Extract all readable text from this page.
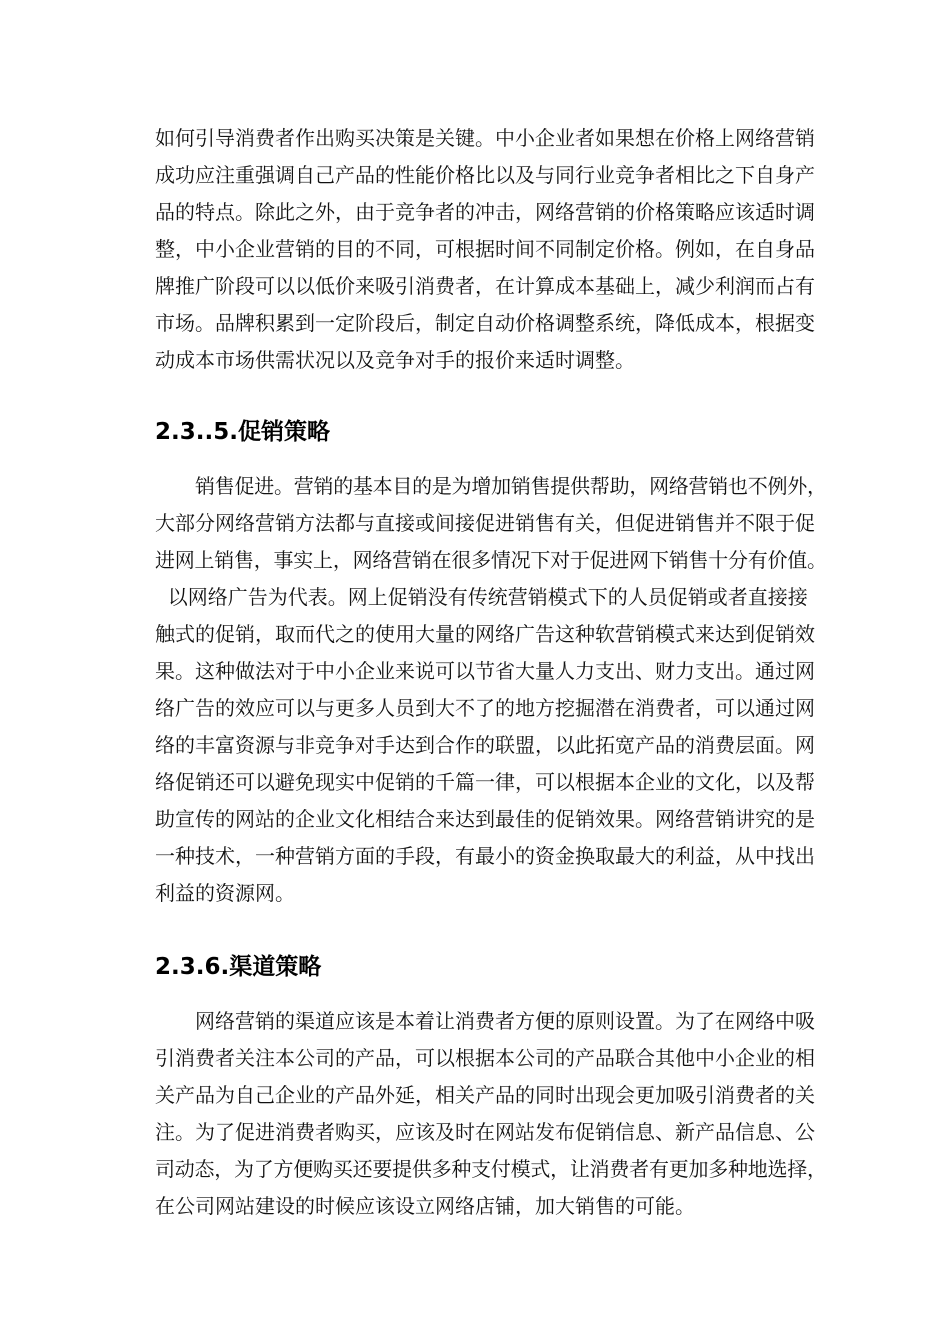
如何引导消费者作出购买决策是关键。中小企业者如果想在价格上网络营销
成功应注重强调自己产品的性能价格比以及与同行业竞争者相比之下自身产
品的特点。除此之外，由于竞争者的冲击，网络营销的价格策略应该适时调
整，中小企业营销的目的不同，可根据时间不同制定价格。例如，在自身品
牌推广阶段可以以低价来吸引消费者，在计算成本基础上，减少利润而占有
市场。品牌积累到一定阶段后，制定自动价格调整系统，降低成本，根据变
动成本市场供需状况以及竞争对手的报价来适时调整。
2.3..5.促销策略
销售促进。营销的基本目的是为增加销售提供帮助，网络营销也不例外，
大部分网络营销方法都与直接或间接促进销售有关，但促进销售并不限于促
进网上销售，事实上，网络营销在很多情况下对于促进网下销售十分有价值。
以网络广告为代表。网上促销没有传统营销模式下的人员促销或者直接接
触式的促销，取而代之的使用大量的网络广告这种软营销模式来达到促销效
果。这种做法对于中小企业来说可以节省大量人力支出、财力支出。通过网
络广告的效应可以与更多人员到大不了的地方挖掘潜在消费者，可以通过网
络的丰富资源与非竞争对手达到合作的联盟，以此拓宽产品的消费层面。网
络促销还可以避免现实中促销的千篇一律，可以根据本企业的文化，以及帮
助宣传的网站的企业文化相结合来达到最佳的促销效果。网络营销讲究的是
一种技术，一种营销方面的手段，有最小的资金换取最大的利益，从中找出
利益的资源网。
2.3.6.渠道策略
网络营销的渠道应该是本着让消费者方便的原则设置。为了在网络中吸
引消费者关注本公司的产品，可以根据本公司的产品联合其他中小企业的相
关产品为自己企业的产品外延，相关产品的同时出现会更加吸引消费者的关
注。为了促进消费者购买，应该及时在网站发布促销信息、新产品信息、公
司动态，为了方便购买还要提供多种支付模式，让消费者有更加多种地选择，
在公司网站建设的时候应该设立网络店铺，加大销售的可能。
